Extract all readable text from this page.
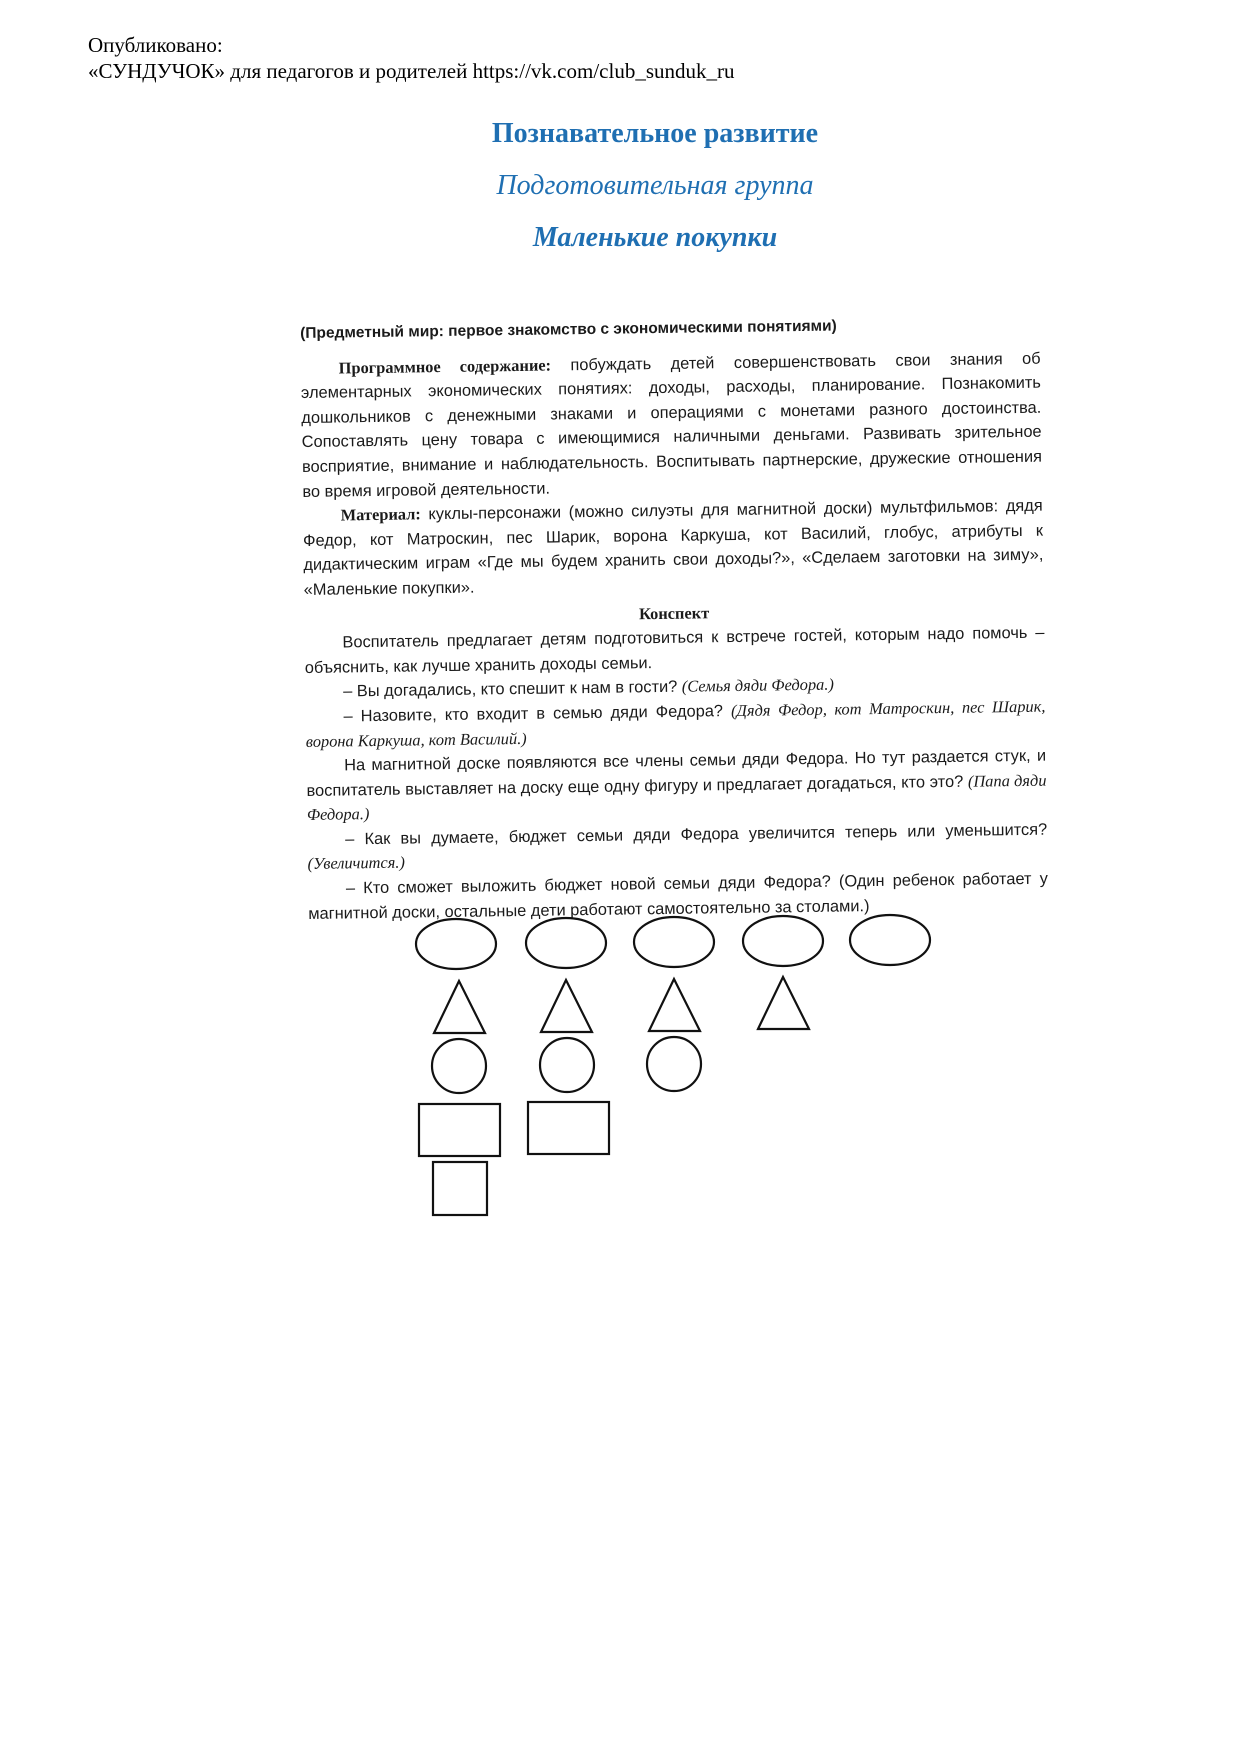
Опубликовано:
«СУНДУЧОК» для педагогов и родителей https://vk.com/club_sunduk_ru
Познавательное развитие
Подготовительная группа
Маленькие покупки

(Предметный мир: первое знакомство с экономическими понятиями)

Программное содержание: побуждать детей совершенствовать свои знания об элементарных экономических понятиях: доходы, расходы, планирование. Познакомить дошкольников с денежными знаками и операциями с монетами разного достоинства. Сопоставлять цену товара с имеющимися наличными деньгами. Развивать зрительное восприятие, внимание и наблюдательность. Воспитывать партнерские, дружеские отношения во время игровой деятельности.

Материал: куклы-персонажи (можно силуэты для магнитной доски) мультфильмов: дядя Федор, кот Матроскин, пес Шарик, ворона Каркуша, кот Василий, глобус, атрибуты к дидактическим играм «Где мы будем хранить свои доходы?», «Сделаем заготовки на зиму», «Маленькие покупки».

Конспект

Воспитатель предлагает детям подготовиться к встрече гостей, которым надо помочь – объяснить, как лучше хранить доходы семьи.

– Вы догадались, кто спешит к нам в гости? (Семья дяди Федора.)

– Назовите, кто входит в семью дяди Федора? (Дядя Федор, кот Матроскин, пес Шарик, ворона Каркуша, кот Василий.)

На магнитной доске появляются все члены семьи дяди Федора. Но тут раздается стук, и воспитатель выставляет на доску еще одну фигуру и предлагает догадаться, кто это? (Папа дяди Федора.)

– Как вы думаете, бюджет семьи дяди Федора увеличится теперь или уменьшится? (Увеличится.)

– Кто сможет выложить бюджет новой семьи дяди Федора? (Один ребенок работает у магнитной доски, остальные дети работают самостоятельно за столами.)
